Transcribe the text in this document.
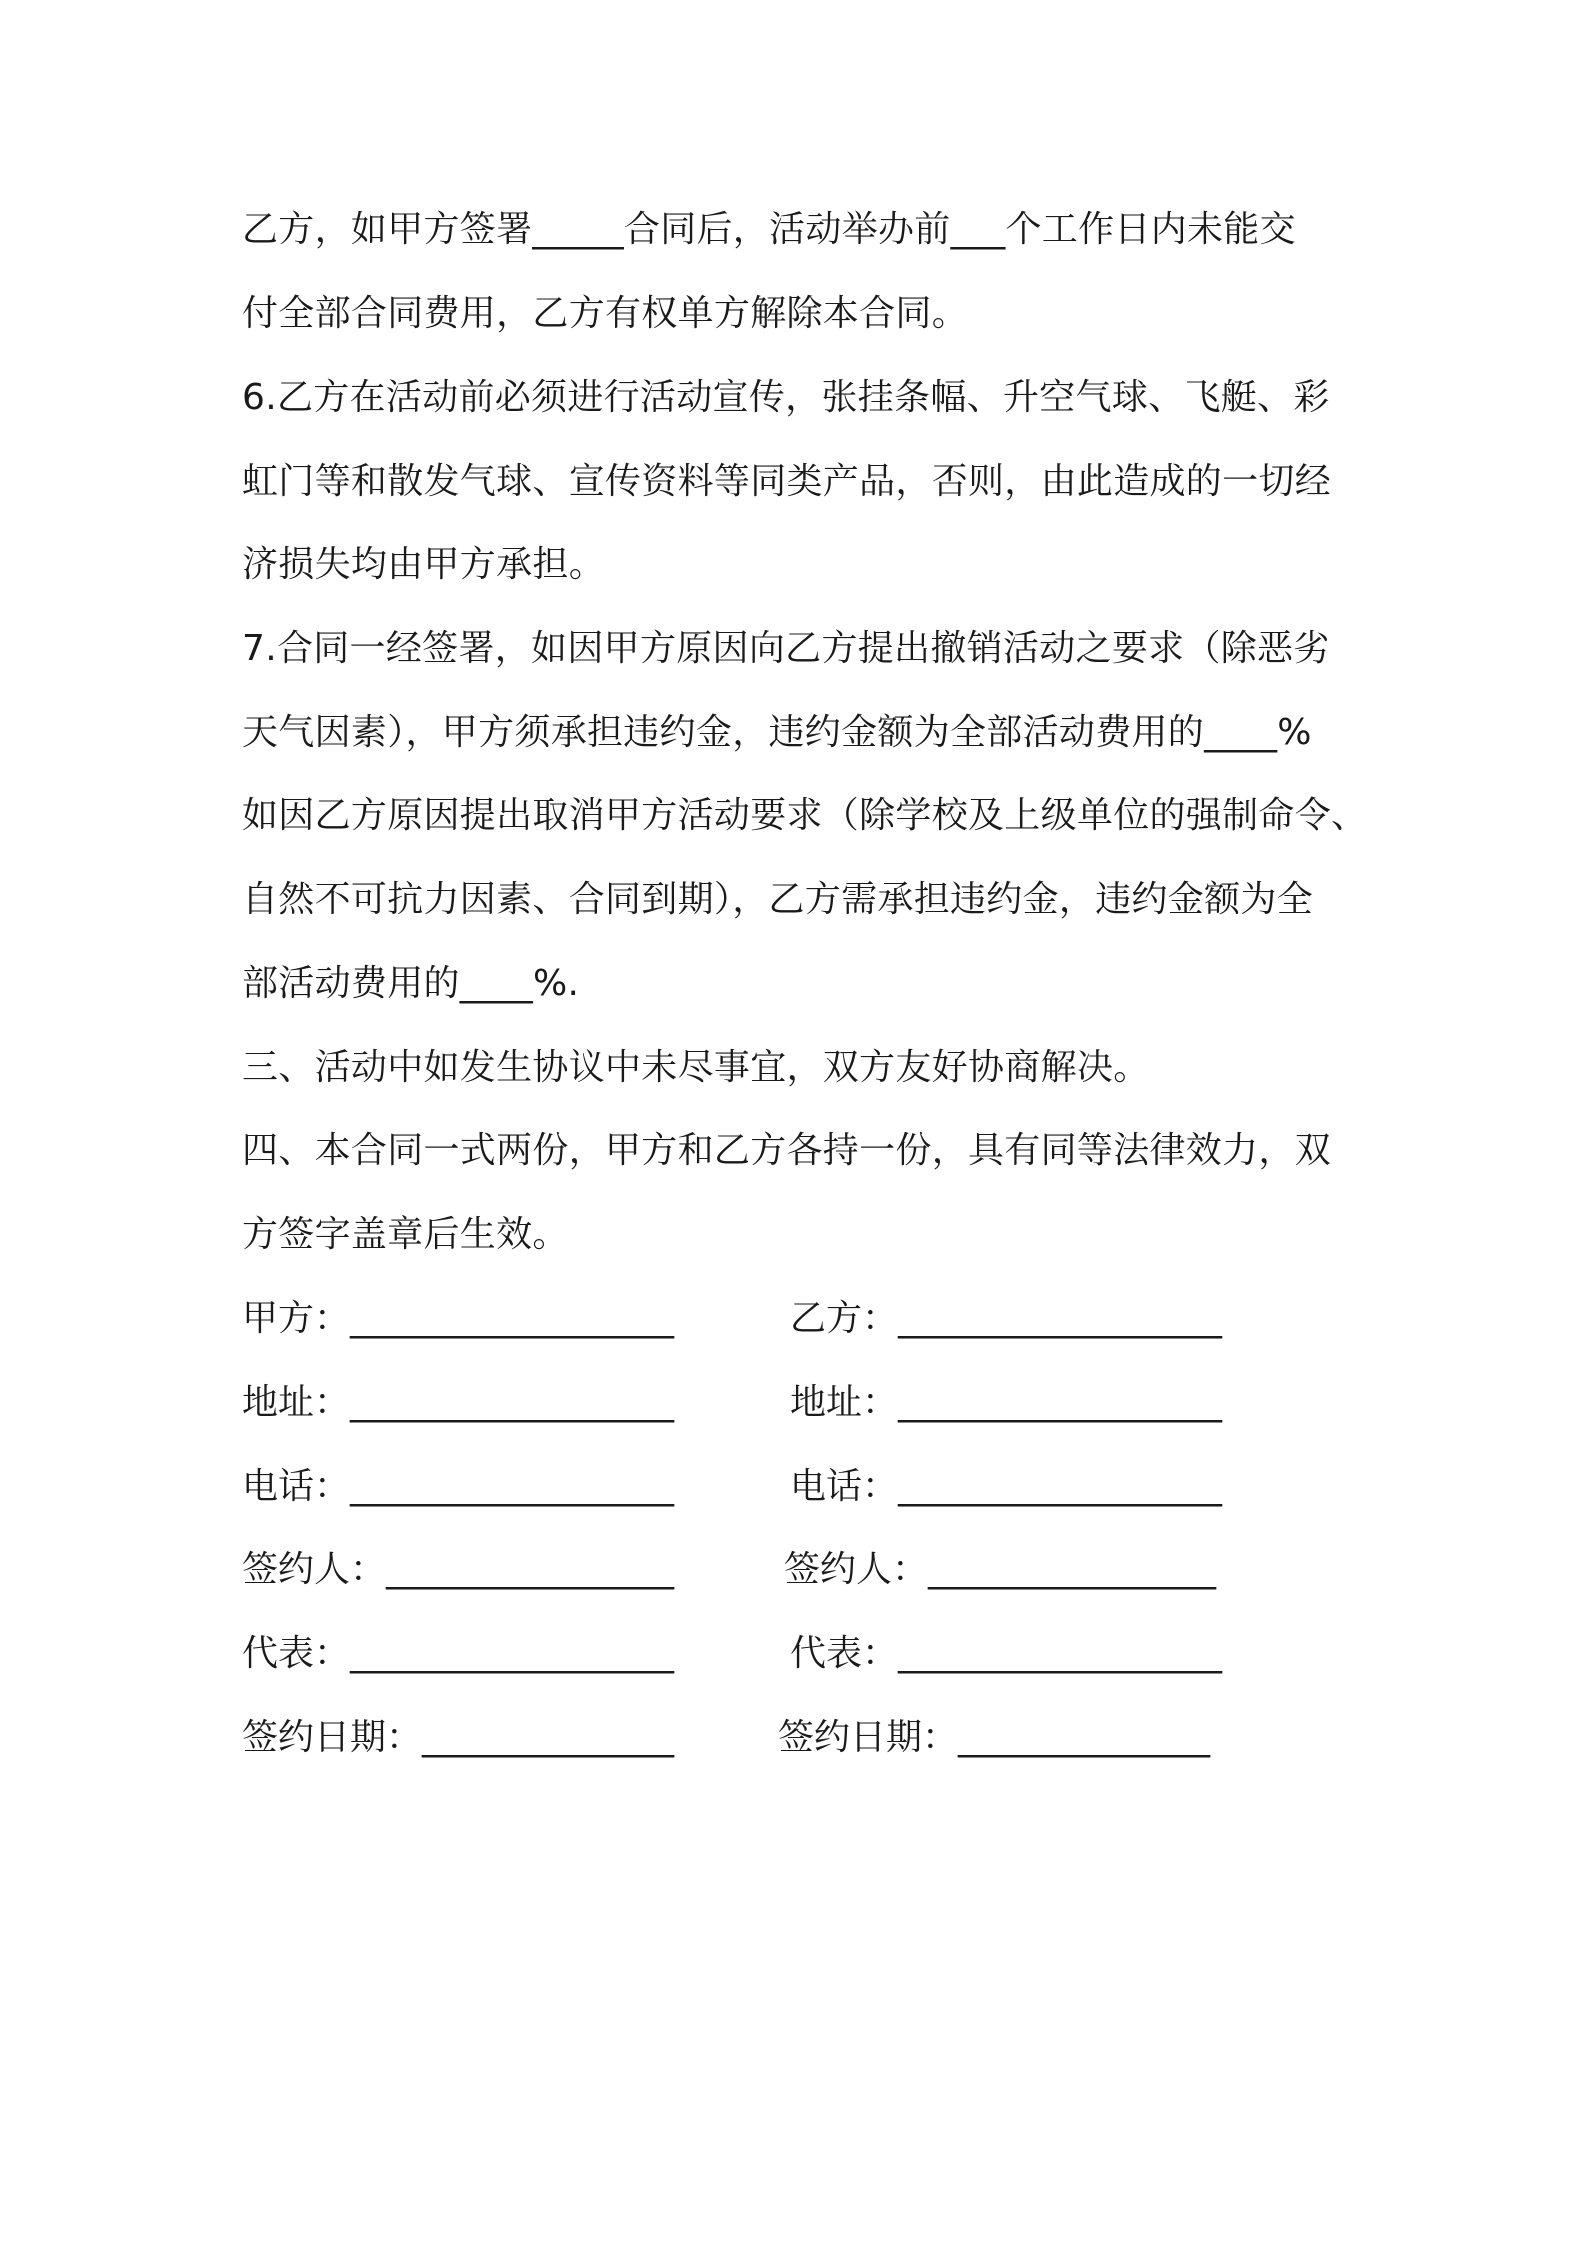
乙方，如甲方签署_____合同后，活动举办前___个工作日内未能交
付全部合同费用，乙方有权单方解除本合同。
6.乙方在活动前必须进行活动宣传，张挂条幅、升空气球、飞艇、彩
虹门等和散发气球、宣传资料等同类产品，否则，由此造成的一切经
济损失均由甲方承担。
7.合同一经签署，如因甲方原因向乙方提出撤销活动之要求（除恶劣
天气因素），甲方须承担违约金，违约金额为全部活动费用的____%
如因乙方原因提出取消甲方活动要求（除学校及上级单位的强制命令、
自然不可抗力因素、合同到期），乙方需承担违约金，违约金额为全
部活动费用的____%.
三、活动中如发生协议中未尽事宜，双方友好协商解决。
四、本合同一式两份，甲方和乙方各持一份，具有同等法律效力，双
方签字盖章后生效。
甲方：__________________	乙方：__________________
地址：__________________	地址：__________________
电话：__________________	电话：__________________
签约人：________________	签约人：________________
代表：__________________	代表：__________________
签约日期：______________	签约日期：______________
